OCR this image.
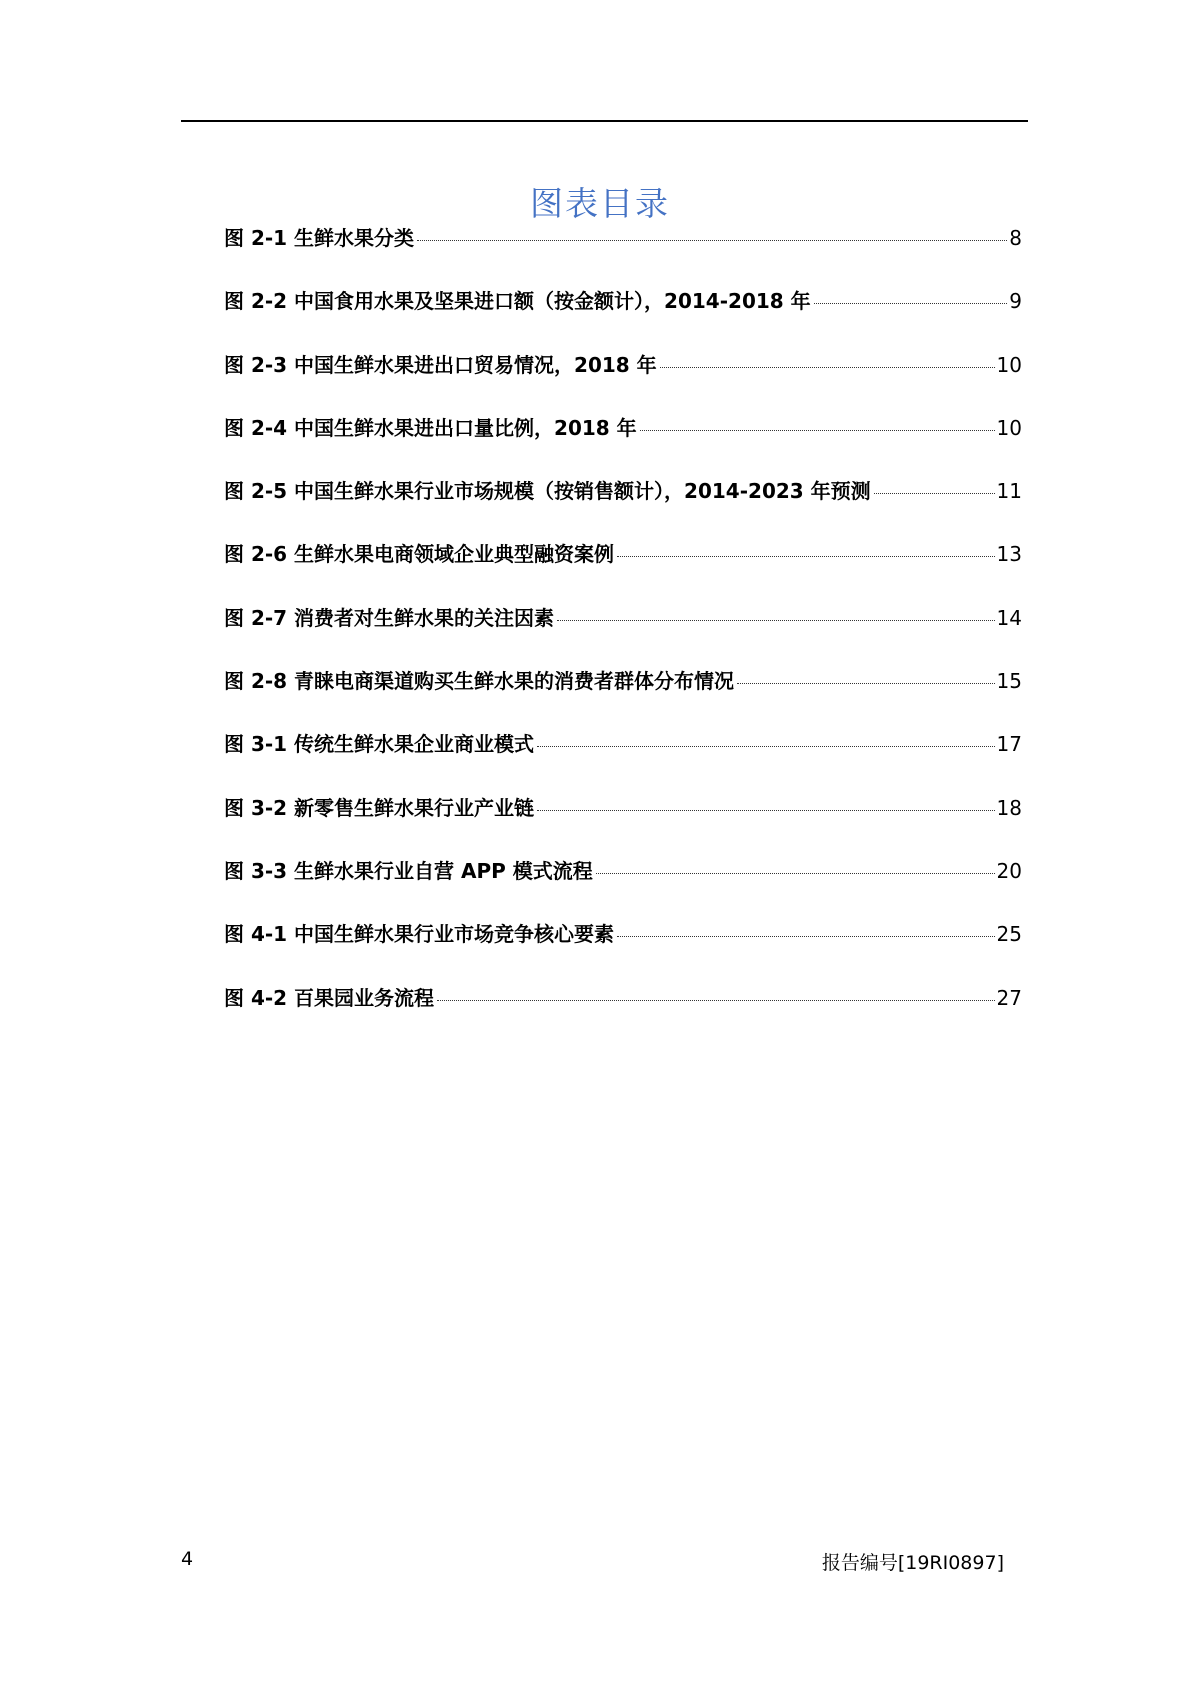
图表目录
图 2-1 生鲜水果分类	8
图 2-2 中国食用水果及坚果进口额（按金额计），2014-2018 年	9
图 2-3 中国生鲜水果进出口贸易情况，2018 年	10
图 2-4 中国生鲜水果进出口量比例，2018 年	10
图 2-5 中国生鲜水果行业市场规模（按销售额计），2014-2023 年预测	11
图 2-6 生鲜水果电商领域企业典型融资案例	13
图 2-7 消费者对生鲜水果的关注因素	14
图 2-8 青睐电商渠道购买生鲜水果的消费者群体分布情况	15
图 3-1 传统生鲜水果企业商业模式	17
图 3-2 新零售生鲜水果行业产业链	18
图 3-3 生鲜水果行业自营 APP 模式流程	20
图 4-1 中国生鲜水果行业市场竞争核心要素	25
图 4-2 百果园业务流程	27
4	报告编号[19RI0897]
